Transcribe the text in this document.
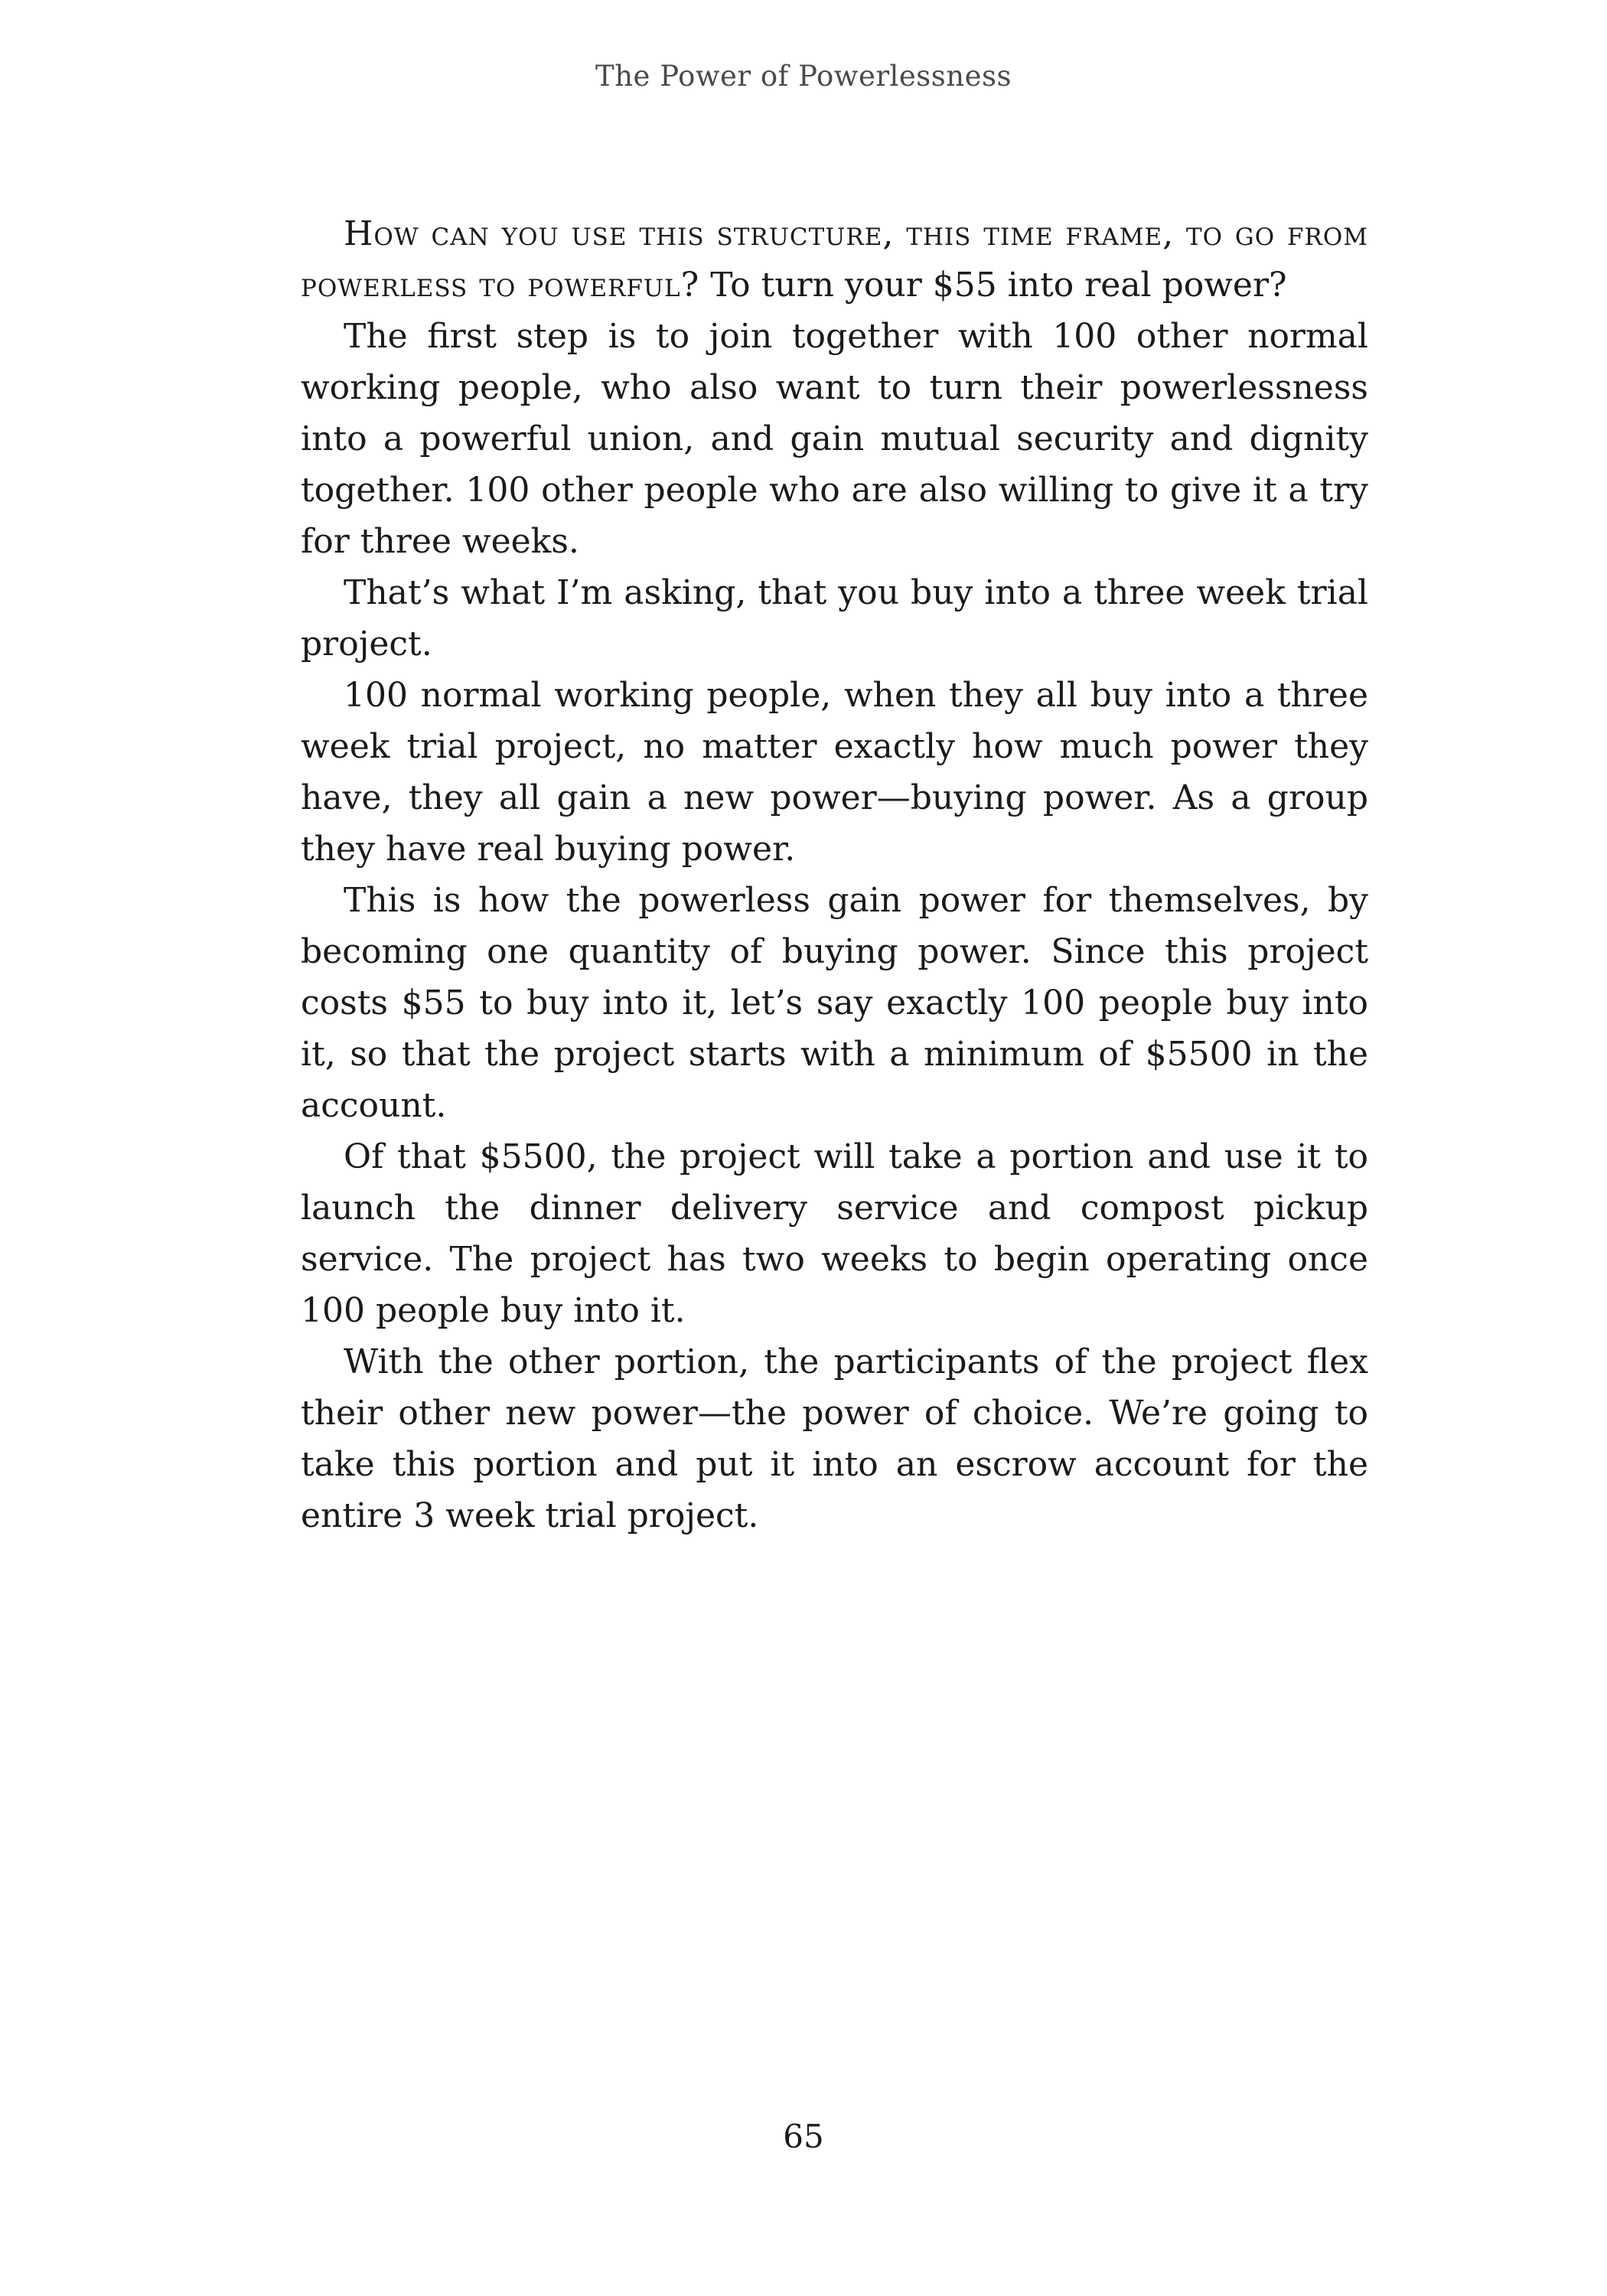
The Power of Powerlessness

How can you use this structure, this time frame, to go from powerless to powerful? To turn your $55 into real power?

The first step is to join together with 100 other normal working people, who also want to turn their powerlessness into a powerful union, and gain mutual security and dignity together. 100 other people who are also willing to give it a try for three weeks.

That’s what I’m asking, that you buy into a three week trial project.

100 normal working people, when they all buy into a three week trial project, no matter exactly how much power they have, they all gain a new power—buying power. As a group they have real buying power.

This is how the powerless gain power for themselves, by becoming one quantity of buying power. Since this project costs $55 to buy into it, let’s say exactly 100 people buy into it, so that the project starts with a minimum of $5500 in the account.

Of that $5500, the project will take a portion and use it to launch the dinner delivery service and compost pickup service. The project has two weeks to begin operating once 100 people buy into it.

With the other portion, the participants of the project flex their other new power—the power of choice. We’re going to take this portion and put it into an escrow account for the entire 3 week trial project.

65
